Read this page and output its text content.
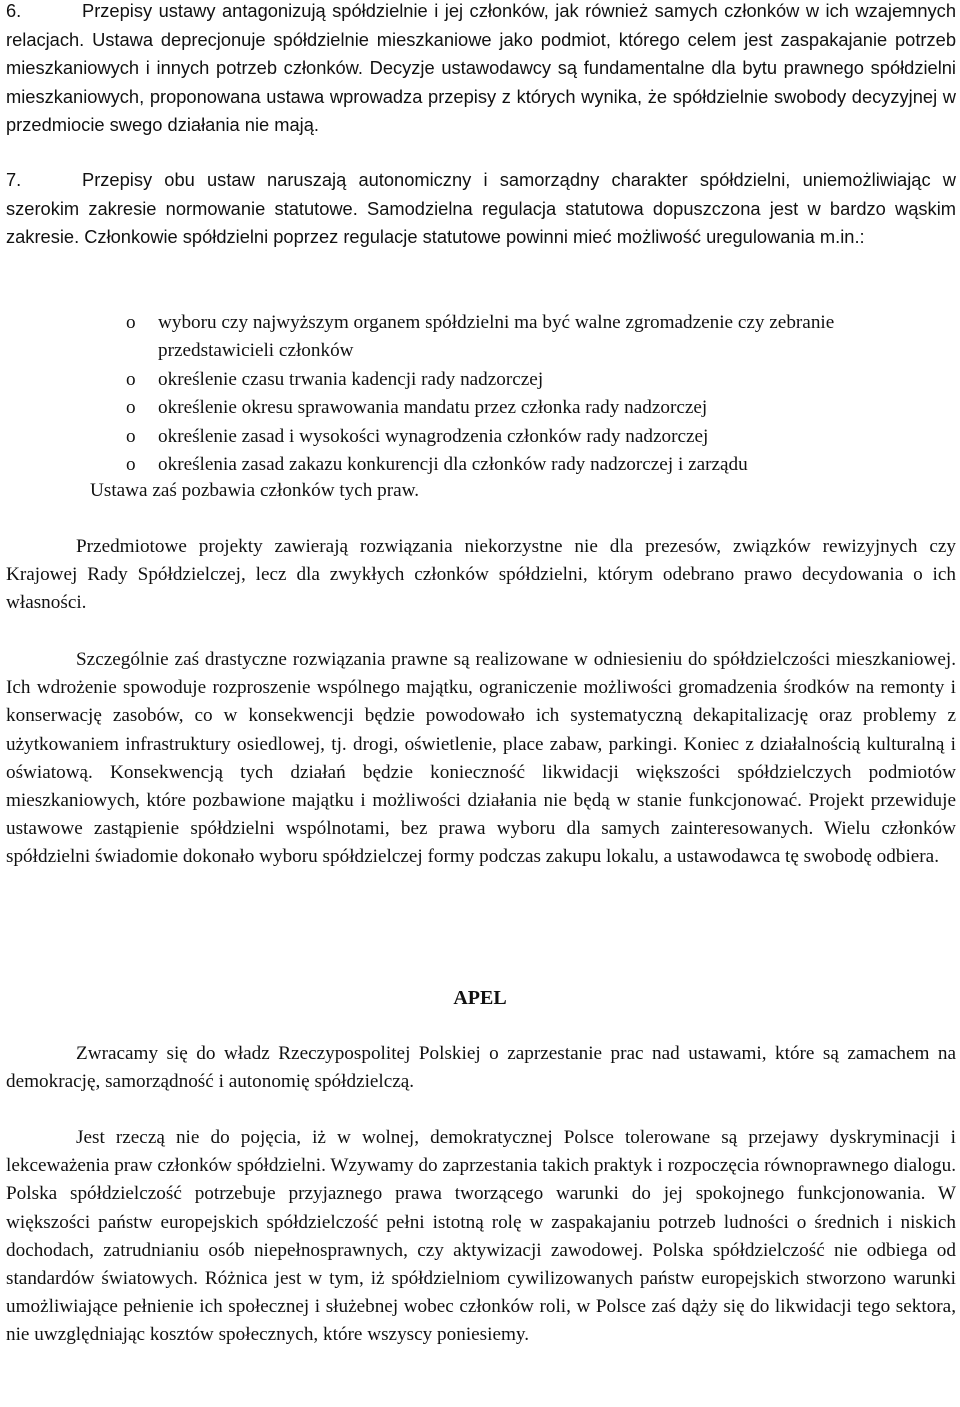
6.	Przepisy ustawy antagonizują spółdzielnie i jej członków, jak również samych członków w ich wzajemnych relacjach. Ustawa deprecjonuje spółdzielnie mieszkaniowe jako podmiot, którego celem jest zaspakajanie potrzeb mieszkaniowych i innych potrzeb członków. Decyzje ustawodawcy są fundamentalne dla bytu prawnego spółdzielni mieszkaniowych, proponowana ustawa wprowadza przepisy z których wynika, że spółdzielnie swobody decyzyjnej w przedmiocie swego działania nie mają.
7.	Przepisy obu ustaw naruszają autonomiczny i samorządny charakter spółdzielni, uniemożliwiając w szerokim zakresie normowanie statutowe. Samodzielna regulacja statutowa dopuszczona jest w bardzo wąskim zakresie. Członkowie spółdzielni poprzez regulacje statutowe powinni mieć możliwość uregulowania m.in.:
o wyboru czy najwyższym organem spółdzielni ma być walne zgromadzenie czy zebranie przedstawicieli członków
o określenie czasu trwania kadencji rady nadzorczej
o określenie okresu sprawowania mandatu przez członka rady nadzorczej
o określenie zasad i wysokości wynagrodzenia członków rady nadzorczej
o określenia zasad zakazu konkurencji dla członków rady nadzorczej i zarządu

Ustawa zaś pozbawia członków tych praw.

Przedmiotowe projekty zawierają rozwiązania niekorzystne nie dla prezesów, związków rewizyjnych czy Krajowej Rady Spółdzielczej, lecz dla zwykłych członków spółdzielni, którym odebrano prawo decydowania o ich własności.

Szczególnie zaś drastyczne rozwiązania prawne są realizowane w odniesieniu do spółdzielczości mieszkaniowej. Ich wdrożenie spowoduje rozproszenie wspólnego majątku, ograniczenie możliwości gromadzenia środków na remonty i konserwację zasobów, co w konsekwencji będzie powodowało ich systematyczną dekapitalizację oraz problemy z użytkowaniem infrastruktury osiedlowej, tj. drogi, oświetlenie, place zabaw, parkingi. Koniec z działalnością kulturalną i oświatową. Konsekwencją tych działań będzie konieczność likwidacji większości spółdzielczych podmiotów mieszkaniowych, które pozbawione majątku i możliwości działania nie będą w stanie funkcjonować. Projekt przewiduje ustawowe zastąpienie spółdzielni wspólnotami, bez prawa wyboru dla samych zainteresowanych. Wielu członków spółdzielni świadomie dokonało wyboru spółdzielczej formy podczas zakupu lokalu, a ustawodawca tę swobodę odbiera.

APEL

Zwracamy się do władz Rzeczypospolitej Polskiej o zaprzestanie prac nad ustawami, które są zamachem na demokrację, samorządność i autonomię spółdzielczą.

Jest rzeczą nie do pojęcia, iż w wolnej, demokratycznej Polsce tolerowane są przejawy dyskryminacji i lekceważenia praw członków spółdzielni. Wzywamy do zaprzestania takich praktyk i rozpoczęcia równoprawnego dialogu. Polska spółdzielczość potrzebuje przyjaznego prawa tworzącego warunki do jej spokojnego funkcjonowania. W większości państw europejskich spółdzielczość pełni istotną rolę w zaspakajaniu potrzeb ludności o średnich i niskich dochodach, zatrudnianiu osób niepełnosprawnych, czy aktywizacji zawodowej. Polska spółdzielczość nie odbiega od standardów światowych. Różnica jest w tym, iż spółdzielniom cywilizowanych państw europejskich stworzono warunki umożliwiające pełnienie ich społecznej i służebnej wobec członków roli, w Polsce zaś dąży się do likwidacji tego sektora, nie uwzględniając kosztów społecznych, które wszyscy poniesiemy.
